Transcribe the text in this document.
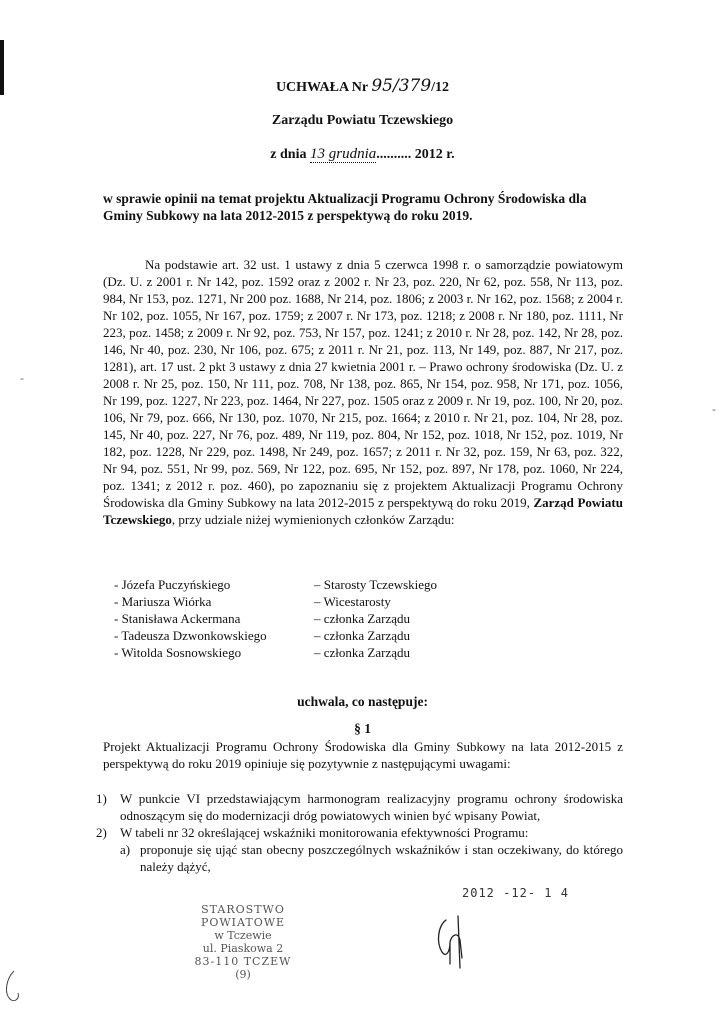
UCHWAŁA Nr 95/379/12
Zarządu Powiatu Tczewskiego
z dnia 13 grudnia.......... 2012 r.
w sprawie opinii na temat projektu Aktualizacji Programu Ochrony Środowiska dla Gminy Subkowy na lata 2012-2015 z perspektywą do roku 2019.
Na podstawie art. 32 ust. 1 ustawy z dnia 5 czerwca 1998 r. o samorządzie powiatowym (Dz. U. z 2001 r. Nr 142, poz. 1592 oraz z 2002 r. Nr 23, poz. 220, Nr 62, poz. 558, Nr 113, poz. 984, Nr 153, poz. 1271, Nr 200 poz. 1688, Nr 214, poz. 1806; z 2003 r. Nr 162, poz. 1568; z 2004 r. Nr 102, poz. 1055, Nr 167, poz. 1759; z 2007 r. Nr 173, poz. 1218; z 2008 r. Nr 180, poz. 1111, Nr 223, poz. 1458; z 2009 r. Nr 92, poz. 753, Nr 157, poz. 1241; z 2010 r. Nr 28, poz. 142, Nr 28, poz. 146, Nr 40, poz. 230, Nr 106, poz. 675; z 2011 r. Nr 21, poz. 113, Nr 149, poz. 887, Nr 217, poz. 1281), art. 17 ust. 2 pkt 3 ustawy z dnia 27 kwietnia 2001 r. – Prawo ochrony środowiska (Dz. U. z 2008 r. Nr 25, poz. 150, Nr 111, poz. 708, Nr 138, poz. 865, Nr 154, poz. 958, Nr 171, poz. 1056, Nr 199, poz. 1227, Nr 223, poz. 1464, Nr 227, poz. 1505 oraz z 2009 r. Nr 19, poz. 100, Nr 20, poz. 106, Nr 79, poz. 666, Nr 130, poz. 1070, Nr 215, poz. 1664; z 2010 r. Nr 21, poz. 104, Nr 28, poz. 145, Nr 40, poz. 227, Nr 76, poz. 489, Nr 119, poz. 804, Nr 152, poz. 1018, Nr 152, poz. 1019, Nr 182, poz. 1228, Nr 229, poz. 1498, Nr 249, poz. 1657; z 2011 r. Nr 32, poz. 159, Nr 63, poz. 322, Nr 94, poz. 551, Nr 99, poz. 569, Nr 122, poz. 695, Nr 152, poz. 897, Nr 178, poz. 1060, Nr 224, poz. 1341; z 2012 r. poz. 460), po zapoznaniu się z projektem Aktualizacji Programu Ochrony Środowiska dla Gminy Subkowy na lata 2012-2015 z perspektywą do roku 2019, Zarząd Powiatu Tczewskiego, przy udziale niżej wymienionych członków Zarządu:
- Józefa Puczyńskiego	– Starosty Tczewskiego
- Mariusza Wiórka	– Wicestarosty
- Stanisława Ackermana	– członka Zarządu
- Tadeusza Dzwonkowskiego	– członka Zarządu
- Witolda Sosnowskiego	– członka Zarządu
uchwala, co następuje:
§ 1
Projekt Aktualizacji Programu Ochrony Środowiska dla Gminy Subkowy na lata 2012-2015 z perspektywą do roku 2019 opiniuje się pozytywnie z następującymi uwagami:
1)	W punkcie VI przedstawiającym harmonogram realizacyjny programu ochrony środowiska odnoszącym się do modernizacji dróg powiatowych winien być wpisany Powiat,
2)	W tabeli nr 32 określającej wskaźniki monitorowania efektywności Programu:
a) proponuje się ująć stan obecny poszczególnych wskaźników i stan oczekiwany, do którego należy dążyć,
2012 -12- 1 4
STAROSTWO POWIATOWE
w Tczewie
ul. Piaskowa 2
83-110 TCZEW
(9)
-
-
